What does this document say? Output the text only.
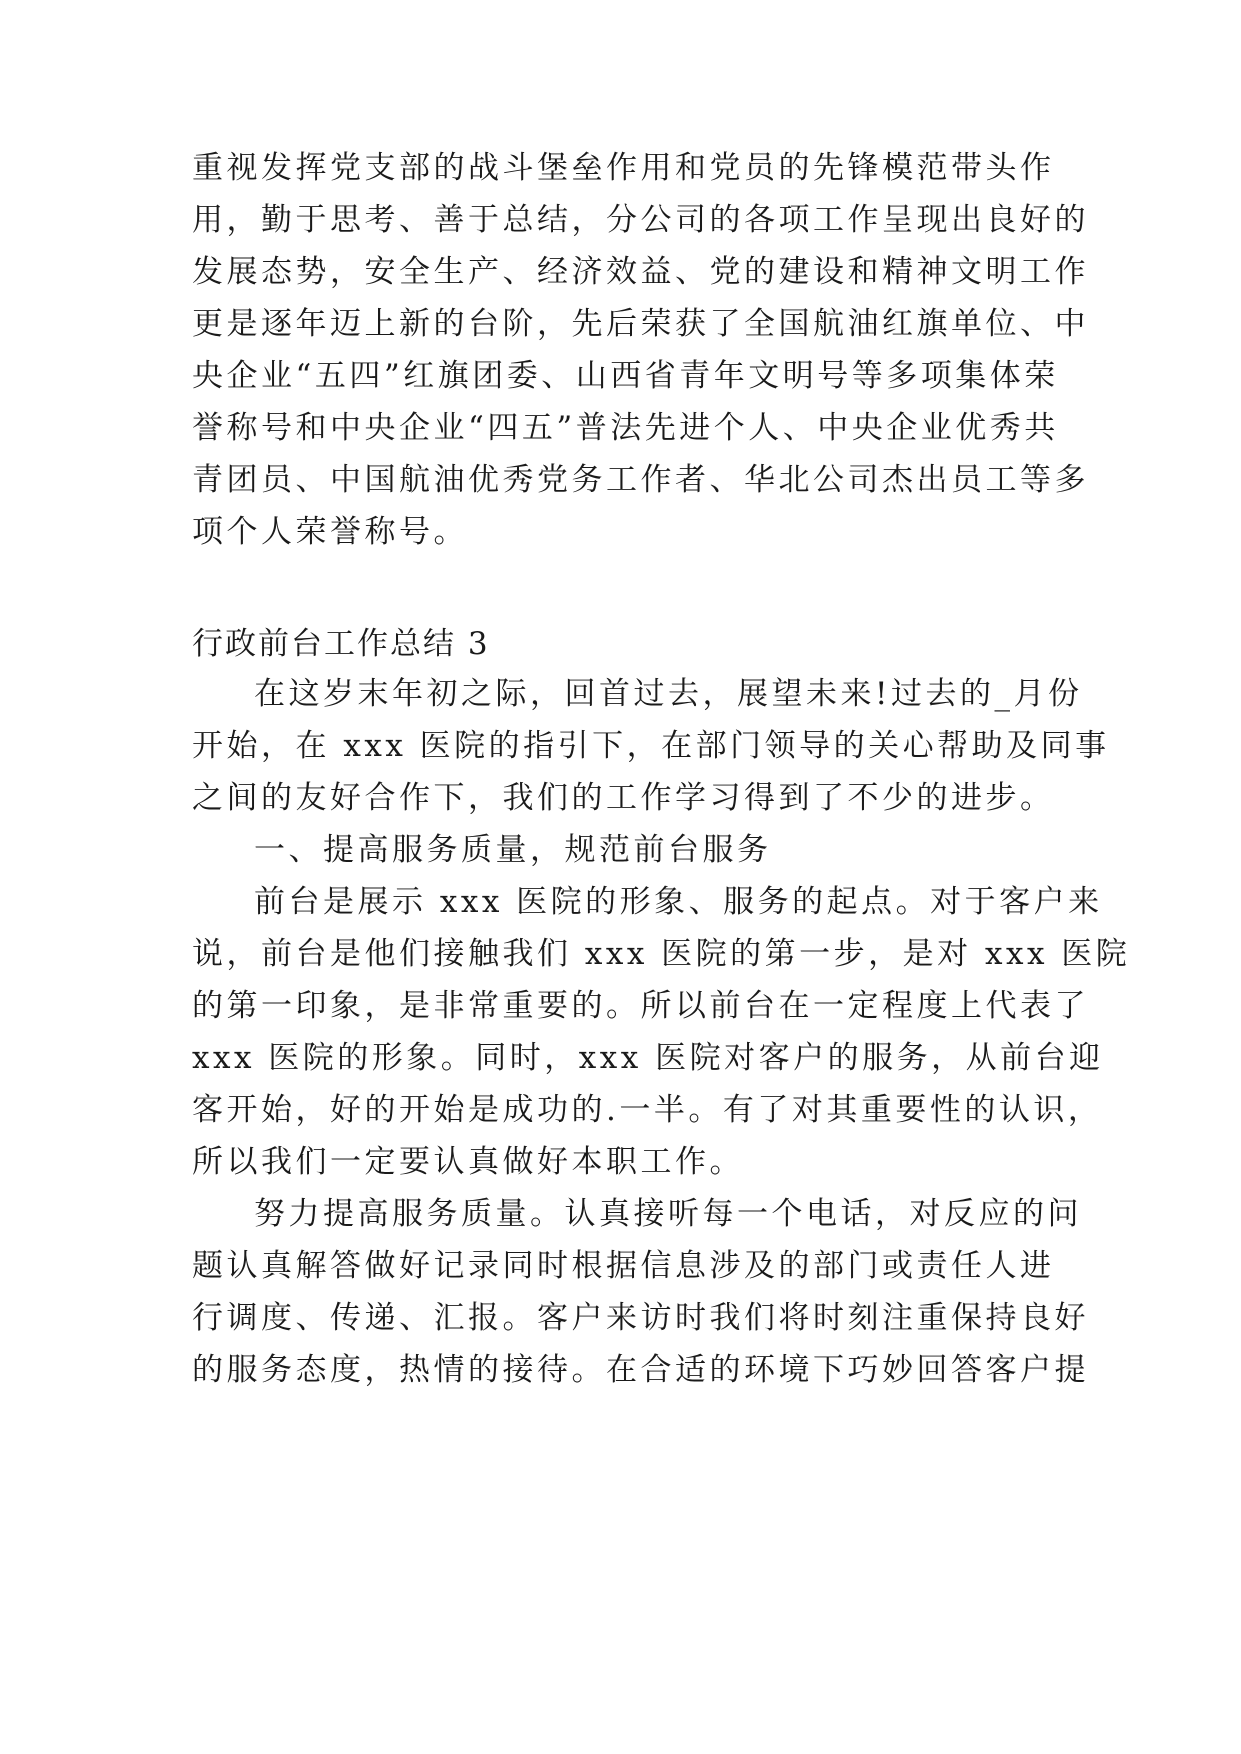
重视发挥党支部的战斗堡垒作用和党员的先锋模范带头作
用，勤于思考、善于总结，分公司的各项工作呈现出良好的
发展态势，安全生产、经济效益、党的建设和精神文明工作
更是逐年迈上新的台阶，先后荣获了全国航油红旗单位、中
央企业“五四”红旗团委、山西省青年文明号等多项集体荣
誉称号和中央企业“四五”普法先进个人、中央企业优秀共
青团员、中国航油优秀党务工作者、华北公司杰出员工等多
项个人荣誉称号。
行政前台工作总结 3
在这岁末年初之际，回首过去，展望未来!过去的_月份
开始，在 xxx 医院的指引下，在部门领导的关心帮助及同事
之间的友好合作下，我们的工作学习得到了不少的进步。
一、提高服务质量，规范前台服务
前台是展示 xxx 医院的形象、服务的起点。对于客户来
说，前台是他们接触我们 xxx 医院的第一步，是对 xxx 医院
的第一印象，是非常重要的。所以前台在一定程度上代表了
xxx 医院的形象。同时，xxx 医院对客户的服务，从前台迎
客开始，好的开始是成功的.一半。有了对其重要性的认识，
所以我们一定要认真做好本职工作。
努力提高服务质量。认真接听每一个电话，对反应的问
题认真解答做好记录同时根据信息涉及的部门或责任人进
行调度、传递、汇报。客户来访时我们将时刻注重保持良好
的服务态度，热情的接待。在合适的环境下巧妙回答客户提
